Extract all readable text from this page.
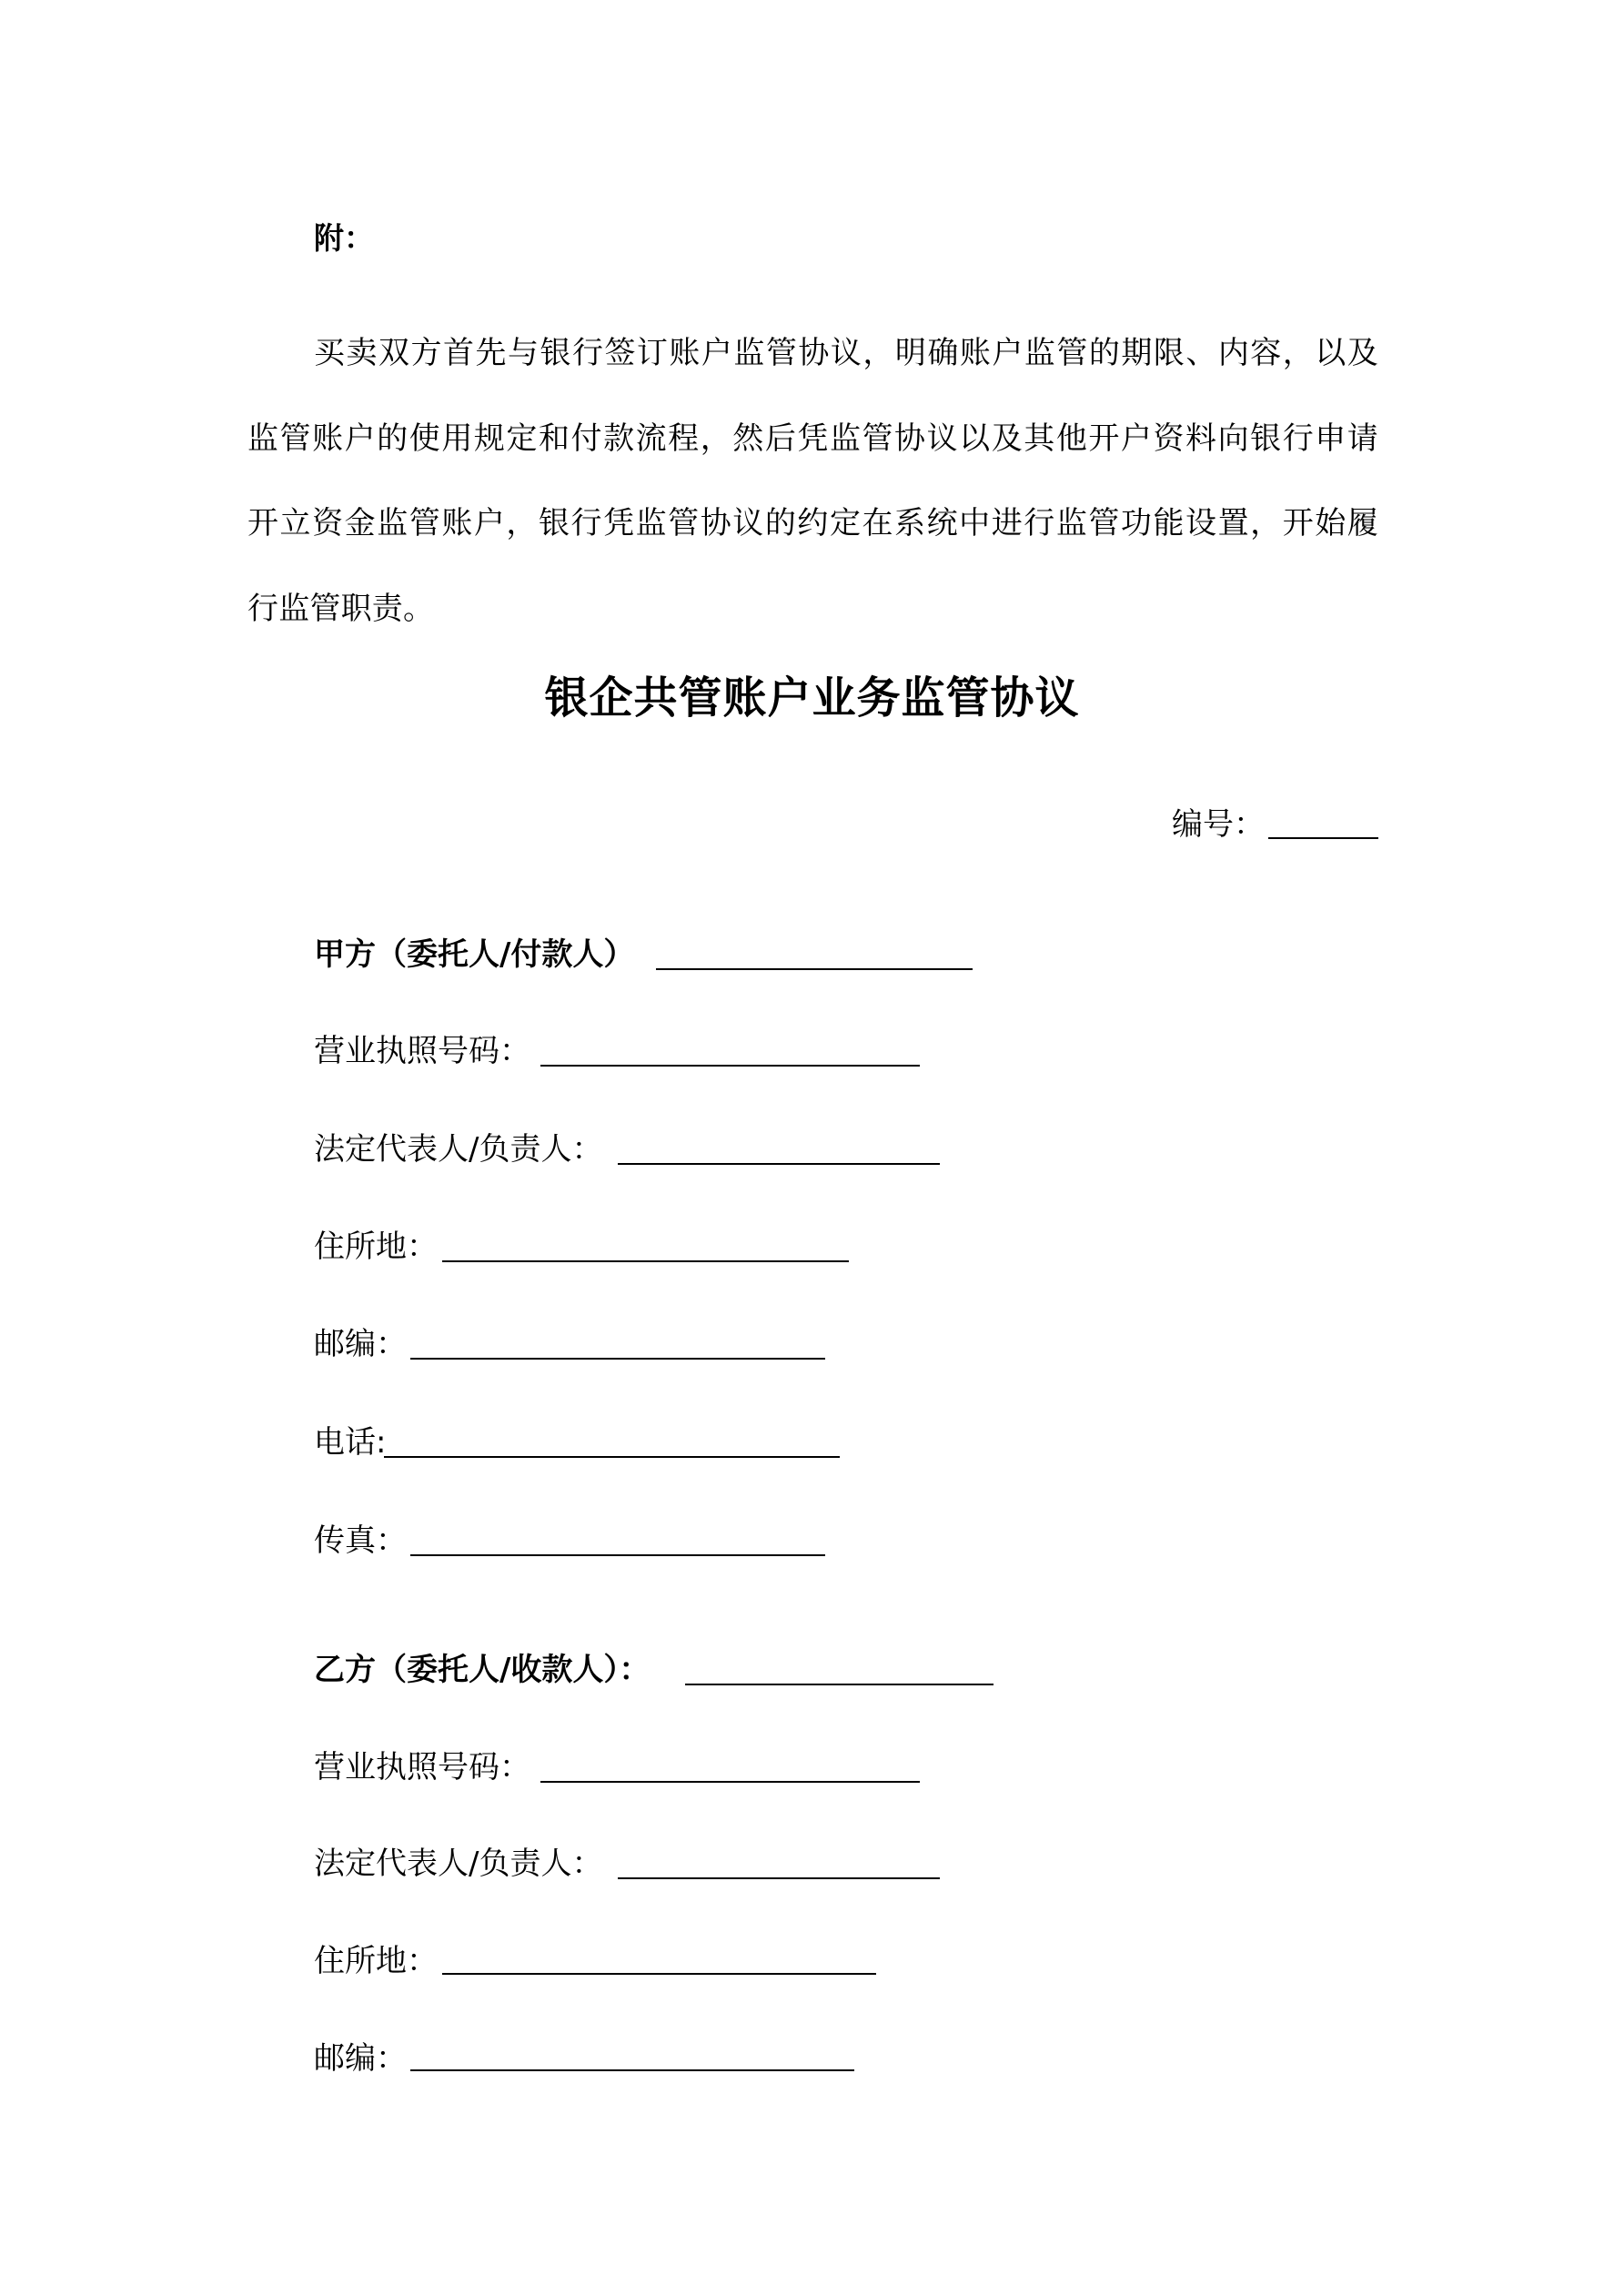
附：
买卖双方首先与银行签订账户监管协议，明确账户监管的期限、内容，以及
监管账户的使用规定和付款流程，然后凭监管协议以及其他开户资料向银行申请
开立资金监管账户，银行凭监管协议的约定在系统中进行监管功能设置，开始履
行监管职责。
银企共管账户业务监管协议
编号：
甲方（委托人/付款人）
营业执照号码：
法定代表人/负责人：
住所地：
邮编：
电话:
传真：
乙方（委托人/收款人）：
营业执照号码：
法定代表人/负责人：
住所地：
邮编：
